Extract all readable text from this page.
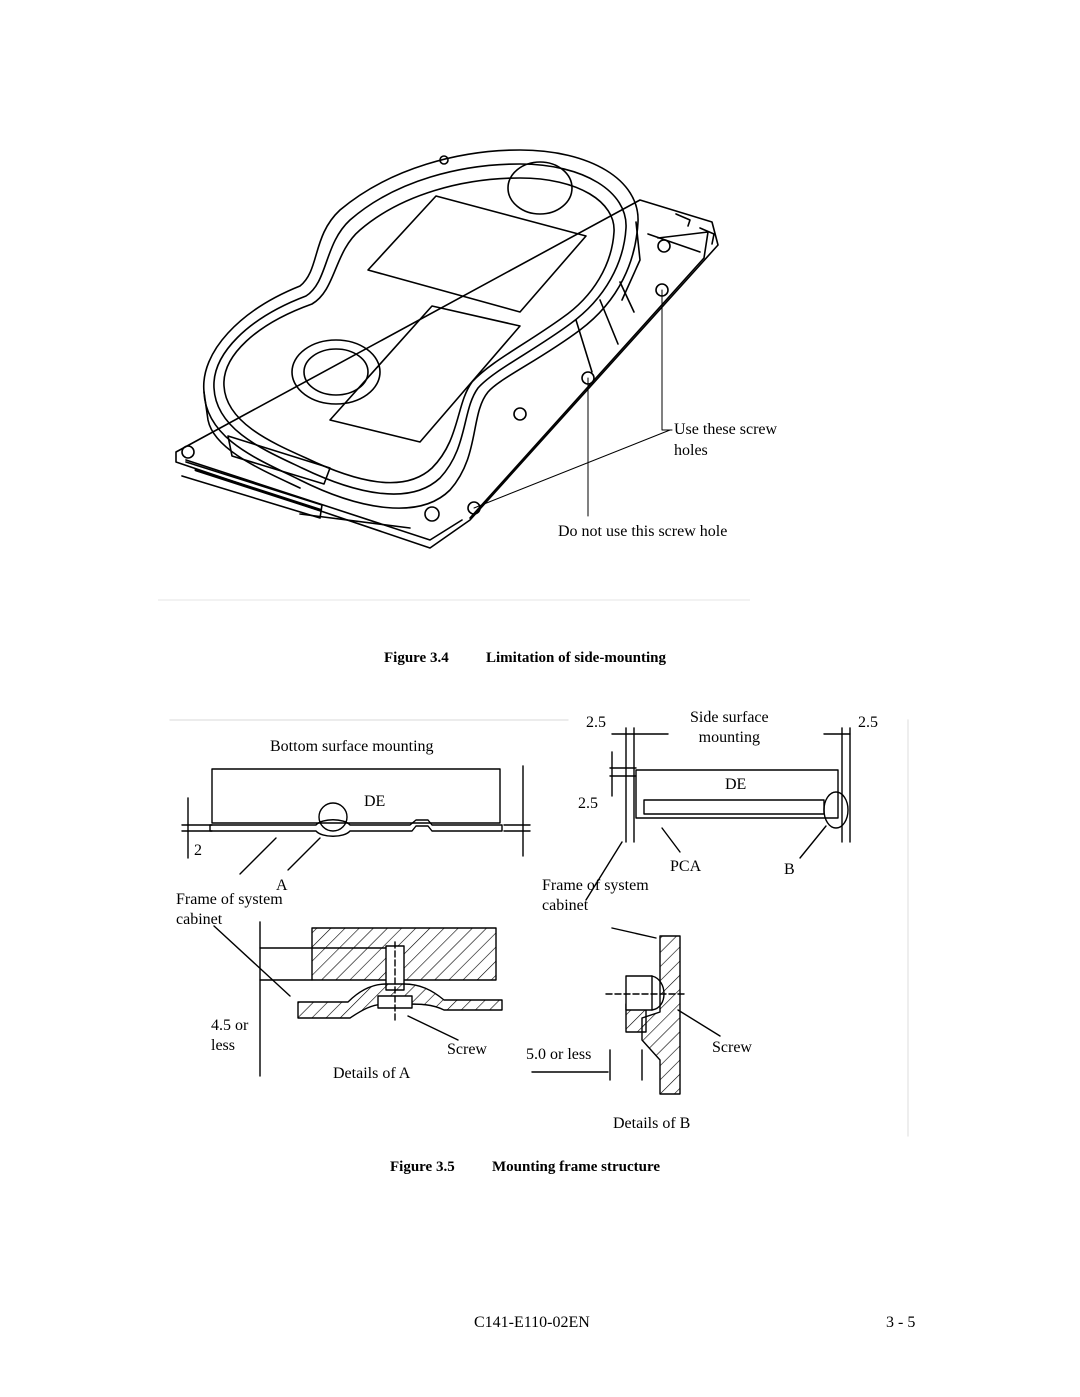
Use these screw
holes
Do not use this screw hole
Figure 3.4 Limitation of side-mounting
Bottom surface mounting
DE
2
A
Frame of system
cabinet
4.5 or
less	Screw
Details of A
2.5	Side surface
mounting
2.5
DE
2.5
PCA	B
Frame of system
cabinet
5.0 or less	Screw
Details of B
Figure 3.5 Mounting frame structure
C141-E110-02EN	3 - 5
